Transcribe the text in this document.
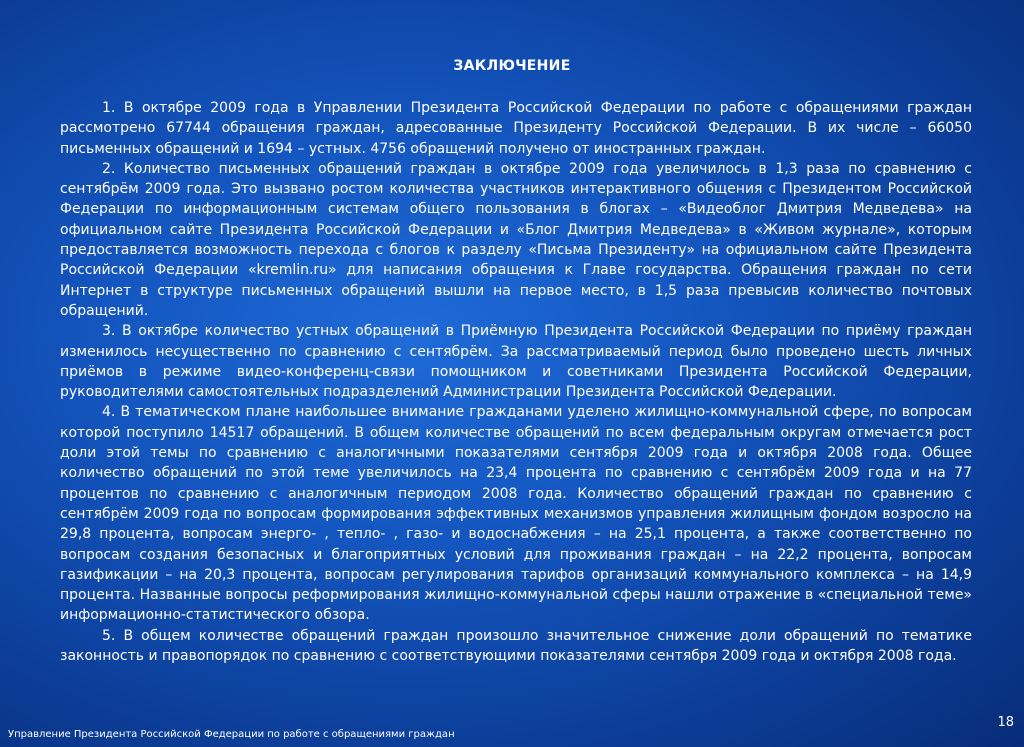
ЗАКЛЮЧЕНИЕ

1. В октябре 2009 года в Управлении Президента Российской Федерации по работе с обращениями граждан рассмотрено 67744 обращения граждан, адресованные Президенту Российской Федерации. В их числе – 66050 письменных обращений и 1694 – устных. 4756 обращений получено от иностранных граждан.

2. Количество письменных обращений граждан в октябре 2009 года увеличилось в 1,3 раза по сравнению с сентябрём 2009 года. Это вызвано ростом количества участников интерактивного общения с Президентом Российской Федерации по информационным системам общего пользования в блогах – «Видеоблог Дмитрия Медведева» на официальном сайте Президента Российской Федерации и «Блог Дмитрия Медведева» в «Живом журнале», которым предоставляется возможность перехода с блогов к разделу «Письма Президенту» на официальном сайте Президента Российской Федерации «kremlin.ru» для написания обращения к Главе государства. Обращения граждан по сети Интернет в структуре письменных обращений вышли на первое место, в 1,5 раза превысив количество почтовых обращений.

3. В октябре количество устных обращений в Приёмную Президента Российской Федерации по приёму граждан изменилось несущественно по сравнению с сентябрём. За рассматриваемый период было проведено шесть личных приёмов в режиме видео-конференц-связи помощником и советниками Президента Российской Федерации, руководителями самостоятельных подразделений Администрации Президента Российской Федерации.

4. В тематическом плане наибольшее внимание гражданами уделено жилищно-коммунальной сфере, по вопросам которой поступило 14517 обращений. В общем количестве обращений по всем федеральным округам отмечается рост доли этой темы по сравнению с аналогичными показателями сентября 2009 года и октября 2008 года. Общее количество обращений по этой теме увеличилось на 23,4 процента по сравнению с сентябрём 2009 года и на 77 процентов по сравнению с аналогичным периодом 2008 года. Количество обращений граждан по сравнению с сентябрём 2009 года по вопросам формирования эффективных механизмов управления жилищным фондом возросло на 29,8 процента, вопросам энерго- , тепло- , газо- и водоснабжения – на 25,1 процента, а также соответственно по вопросам создания безопасных и благоприятных условий для проживания граждан – на 22,2 процента, вопросам газификации – на 20,3 процента, вопросам регулирования тарифов организаций коммунального комплекса – на 14,9 процента. Названные вопросы реформирования жилищно-коммунальной сферы нашли отражение в «специальной теме» информационно-статистического обзора.

5. В общем количестве обращений граждан произошло значительное снижение доли обращений по тематике законность и правопорядок по сравнению с соответствующими показателями сентября 2009 года и октября 2008 года.

Управление Президента Российской Федерации по работе с обращениями граждан
18
